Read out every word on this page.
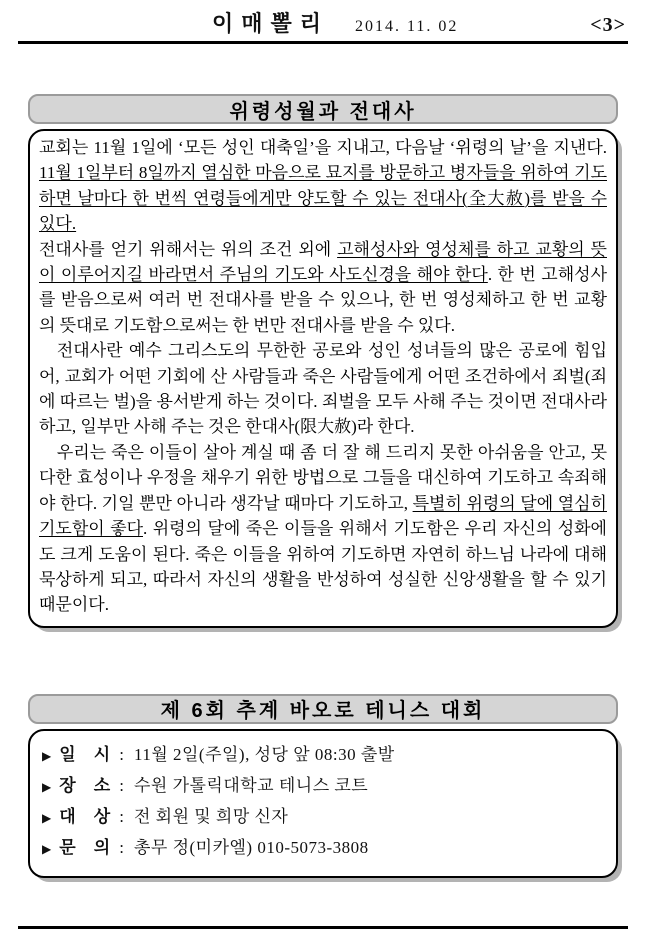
이매뽈리 2014. 11. 02	<3>
위령성월과 전대사

교회는 11월 1일에 ‘모든 성인 대축일’을 지내고, 다음날 ‘위령의 날’을 지낸다. 11월 1일부터 8일까지 열심한 마음으로 묘지를 방문하고 병자들을 위하여 기도하면 날마다 한 번씩 연령들에게만 양도할 수 있는 전대사(全大赦)를 받을 수 있다.

전대사를 얻기 위해서는 위의 조건 외에 고해성사와 영성체를 하고 교황의 뜻이 이루어지길 바라면서 주님의 기도와 사도신경을 해야 한다. 한 번 고해성사를 받음으로써 여러 번 전대사를 받을 수 있으나, 한 번 영성체하고 한 번 교황의 뜻대로 기도함으로써는 한 번만 전대사를 받을 수 있다.

전대사란 예수 그리스도의 무한한 공로와 성인 성녀들의 많은 공로에 힘입어, 교회가 어떤 기회에 산 사람들과 죽은 사람들에게 어떤 조건하에서 죄벌(죄에 따르는 벌)을 용서받게 하는 것이다. 죄벌을 모두 사해 주는 것이면 전대사라 하고, 일부만 사해 주는 것은 한대사(限大赦)라 한다.

우리는 죽은 이들이 살아 계실 때 좀 더 잘 해 드리지 못한 아쉬움을 안고, 못다한 효성이나 우정을 채우기 위한 방법으로 그들을 대신하여 기도하고 속죄해야 한다. 기일 뿐만 아니라 생각날 때마다 기도하고, 특별히 위령의 달에 열심히 기도함이 좋다. 위령의 달에 죽은 이들을 위해서 기도함은 우리 자신의 성화에도 크게 도움이 된다. 죽은 이들을 위하여 기도하면 자연히 하느님 나라에 대해 묵상하게 되고, 따라서 자신의 생활을 반성하여 성실한 신앙생활을 할 수 있기 때문이다.

제 6회 추계 바오로 테니스 대회
▶ 일 시 : 11월 2일(주일), 성당 앞 08:30 출발
▶ 장 소 : 수원 가톨릭대학교 테니스 코트
▶ 대 상 : 전 회원 및 희망 신자
▶ 문 의 : 총무 정(미카엘) 010-5073-3808
